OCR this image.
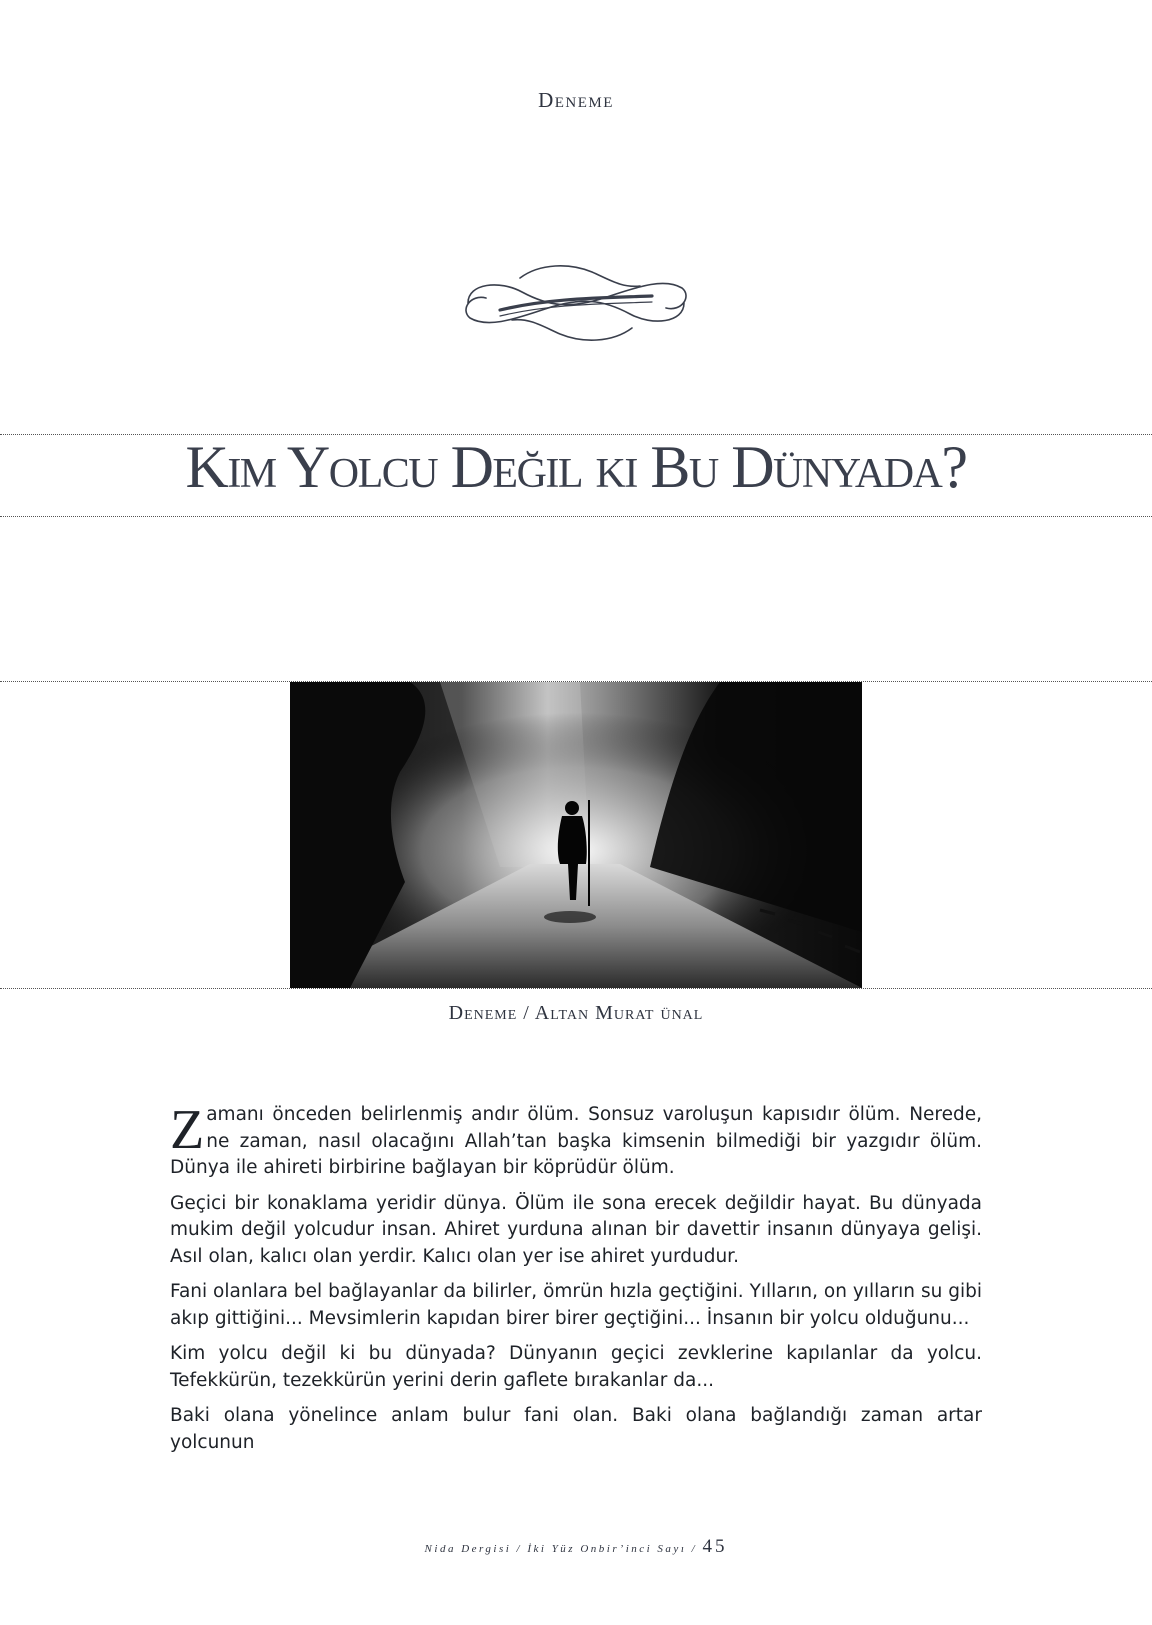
Deneme
Kim Yolcu Değil ki Bu Dünyada?
Deneme / Altan Murat ünal

Zamanı önceden belirlenmiş andır ölüm. Sonsuz varoluşun kapısıdır ölüm. Nerede, ne zaman, nasıl olacağını Allah’tan başka kimsenin bilmediği bir yazgıdır ölüm. Dünya ile ahireti birbirine bağlayan bir köprüdür ölüm.

Geçici bir konaklama yeridir dünya. Ölüm ile sona erecek değildir hayat. Bu dünyada mukim değil yolcudur insan. Ahiret yurduna alınan bir davettir insanın dünyaya gelişi. Asıl olan, kalıcı olan yerdir. Kalıcı olan yer ise ahiret yurdudur.

Fani olanlara bel bağlayanlar da bilirler, ömrün hızla geçtiğini. Yılların, on yılların su gibi akıp gittiğini... Mevsimlerin kapıdan birer birer geçtiğini... İnsanın bir yolcu olduğunu...

Kim yolcu değil ki bu dünyada? Dünyanın geçici zevklerine kapılanlar da yolcu. Tefekkürün, tezekkürün yerini derin gaflete bırakanlar da...

Baki olana yönelince anlam bulur fani olan. Baki olana bağlandığı zaman artar yolcunun

Nida Dergisi / İki Yüz Onbir’inci Sayı / 45
